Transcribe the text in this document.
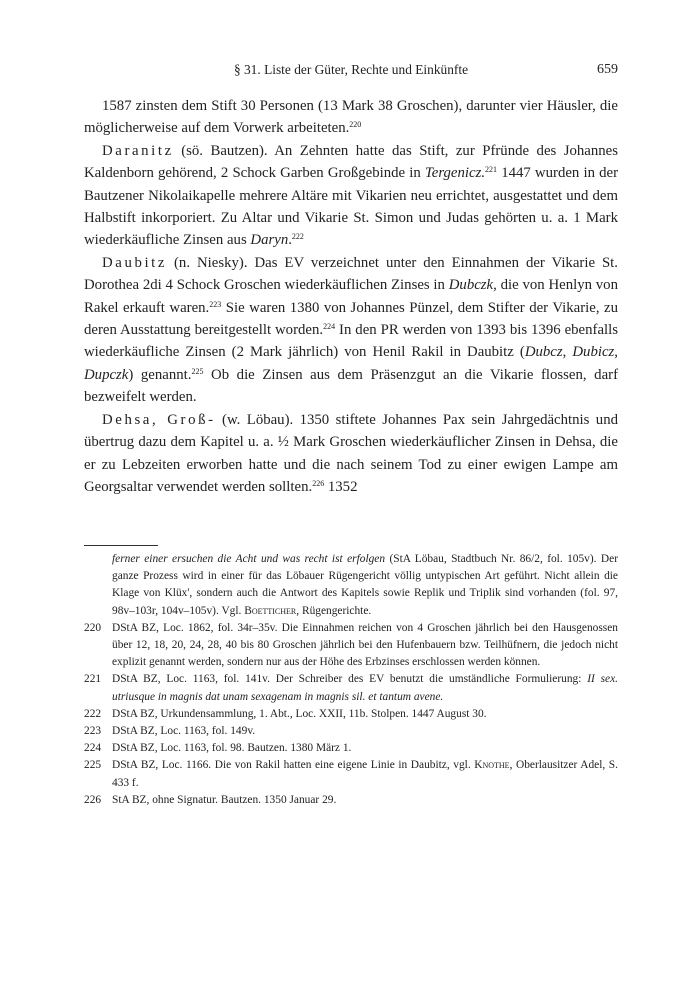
§ 31. Liste der Güter, Rechte und Einkünfte	659

1587 zinsten dem Stift 30 Personen (13 Mark 38 Groschen), darunter vier Häusler, die möglicherweise auf dem Vorwerk arbeiteten.$^{220}$

Daranitz (sö. Bautzen). An Zehnten hatte das Stift, zur Pfründe des Johannes Kaldenborn gehörend, 2 Schock Garben Großgebinde in Tergenicz.$^{221}$ 1447 wurden in der Bautzener Nikolaikapelle mehrere Altäre mit Vikarien neu errichtet, ausgestattet und dem Halbstift inkorporiert. Zu Altar und Vikarie St. Simon und Judas gehörten u. a. 1 Mark wiederkäufliche Zinsen aus Daryn.$^{222}$

Daubitz (n. Niesky). Das EV verzeichnet unter den Einnahmen der Vikarie St. Dorothea 2di 4 Schock Groschen wiederkäuflichen Zinses in Dubczk, die von Henlyn von Rakel erkauft waren.$^{223}$ Sie waren 1380 von Johannes Pünzel, dem Stifter der Vikarie, zu deren Ausstattung bereitgestellt worden.$^{224}$ In den PR werden von 1393 bis 1396 ebenfalls wiederkäufliche Zinsen (2 Mark jährlich) von Henil Rakil in Daubitz (Dubcz, Dubicz, Dupczk) genannt.$^{225}$ Ob die Zinsen aus dem Präsenzgut an die Vikarie flossen, darf bezweifelt werden.

Dehsa, Groß- (w. Löbau). 1350 stiftete Johannes Pax sein Jahrgedächtnis und übertrug dazu dem Kapitel u. a. ½ Mark Groschen wiederkäuflicher Zinsen in Dehsa, die er zu Lebzeiten erworben hatte und die nach seinem Tod zu einer ewigen Lampe am Georgsaltar verwendet werden sollten.$^{226}$ 1352

ferner einer ersuchen die Acht und was recht ist erfolgen (StA Löbau, Stadtbuch Nr. 86/2, fol. 105v). Der ganze Prozess wird in einer für das Löbauer Rügengericht völlig untypischen Art geführt. Nicht allein die Klage von Klüx', sondern auch die Antwort des Kapitels sowie Replik und Triplik sind vorhanden (fol. 97, 98v–103r, 104v–105v). Vgl. Boetticher, Rügengerichte.
220 DStA BZ, Loc. 1862, fol. 34r–35v. Die Einnahmen reichen von 4 Groschen jährlich bei den Hausgenossen über 12, 18, 20, 24, 28, 40 bis 80 Groschen jährlich bei den Hufenbauern bzw. Teilhüfnern, die jedoch nicht explizit genannt werden, sondern nur aus der Höhe des Erbzinses erschlossen werden können.
221 DStA BZ, Loc. 1163, fol. 141v. Der Schreiber des EV benutzt die umständliche Formulierung: II sex. utriusque in magnis dat unam sexagenam in magnis sil. et tantum avene.
222 DStA BZ, Urkundensammlung, 1. Abt., Loc. XXII, 11b. Stolpen. 1447 August 30.
223 DStA BZ, Loc. 1163, fol. 149v.
224 DStA BZ, Loc. 1163, fol. 98. Bautzen. 1380 März 1.
225 DStA BZ, Loc. 1166. Die von Rakil hatten eine eigene Linie in Daubitz, vgl. Knothe, Oberlausitzer Adel, S. 433 f.
226 StA BZ, ohne Signatur. Bautzen. 1350 Januar 29.
